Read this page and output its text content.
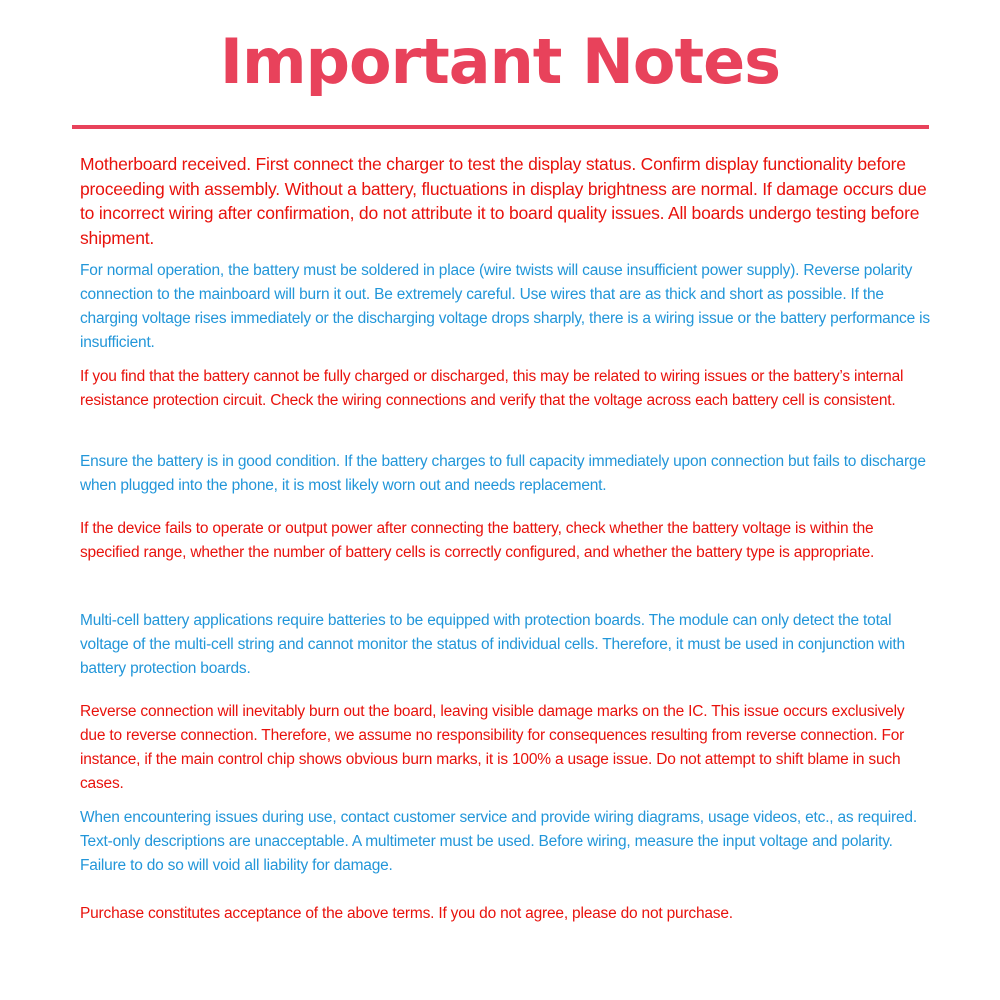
Important Notes

Motherboard received. First connect the charger to test the display status. Confirm display functionality before proceeding with assembly. Without a battery, fluctuations in display brightness are normal. If damage occurs due to incorrect wiring after confirmation, do not attribute it to board quality issues. All boards undergo testing before shipment.

For normal operation, the battery must be soldered in place (wire twists will cause insufficient power supply). Reverse polarity connection to the mainboard will burn it out. Be extremely careful. Use wires that are as thick and short as possible. If the charging voltage rises immediately or the discharging voltage drops sharply, there is a wiring issue or the battery performance is insufficient.

If you find that the battery cannot be fully charged or discharged, this may be related to wiring issues or the battery’s internal resistance protection circuit. Check the wiring connections and verify that the voltage across each battery cell is consistent.

Ensure the battery is in good condition. If the battery charges to full capacity immediately upon connection but fails to discharge when plugged into the phone, it is most likely worn out and needs replacement.

If the device fails to operate or output power after connecting the battery, check whether the battery voltage is within the specified range, whether the number of battery cells is correctly configured, and whether the battery type is appropriate.

Multi-cell battery applications require batteries to be equipped with protection boards. The module can only detect the total voltage of the multi-cell string and cannot monitor the status of individual cells. Therefore, it must be used in conjunction with battery protection boards.

Reverse connection will inevitably burn out the board, leaving visible damage marks on the IC. This issue occurs exclusively due to reverse connection. Therefore, we assume no responsibility for consequences resulting from reverse connection. For instance, if the main control chip shows obvious burn marks, it is 100% a usage issue. Do not attempt to shift blame in such cases.

When encountering issues during use, contact customer service and provide wiring diagrams, usage videos, etc., as required. Text-only descriptions are unacceptable. A multimeter must be used. Before wiring, measure the input voltage and polarity. Failure to do so will void all liability for damage.

Purchase constitutes acceptance of the above terms. If you do not agree, please do not purchase.
